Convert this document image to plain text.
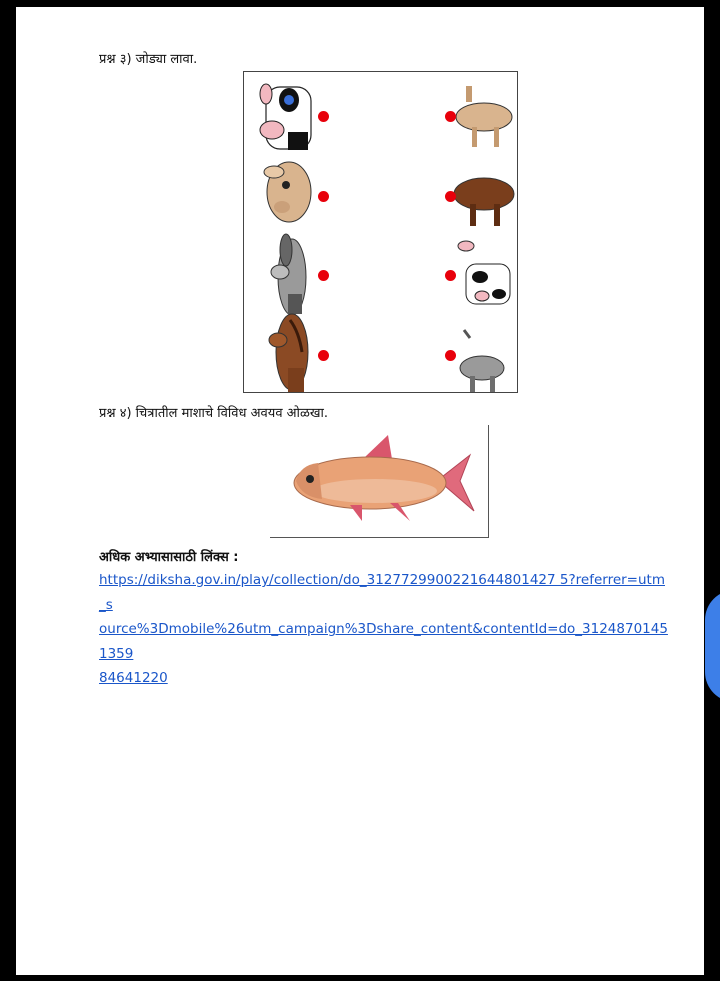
प्रश्न ३) जोड्या लावा.
प्रश्न ४) चित्रातील माशाचे विविध अवयव ओळखा.
अधिक अभ्यासासाठी लिंक्स :
https://diksha.gov.in/play/collection/do_3127729900221644801427 5?referrer=utm_s
ource%3Dmobile%26utm_campaign%3Dshare_content&contentId=do_31248701451359
84641220
